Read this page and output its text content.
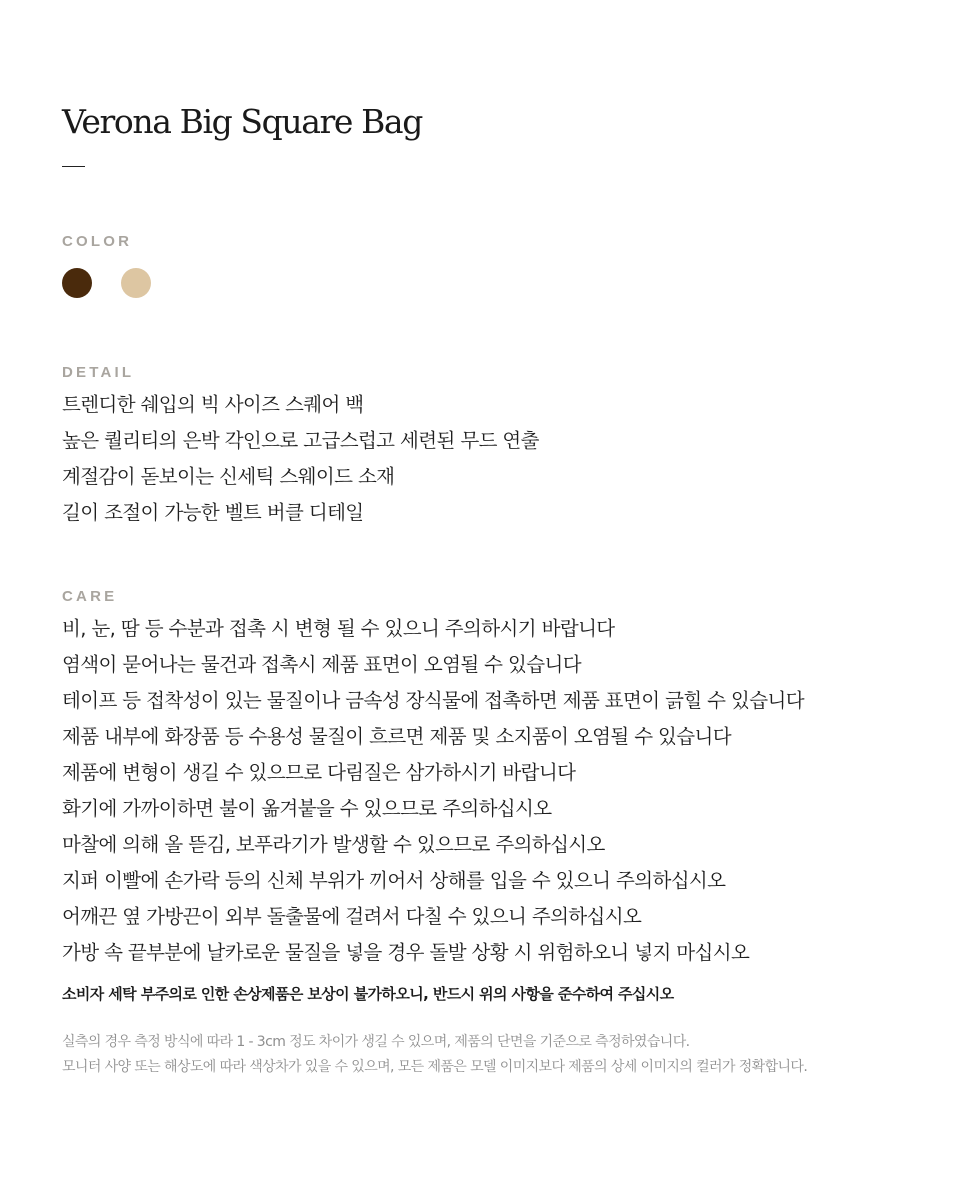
Verona Big Square Bag
COLOR
DETAIL
트렌디한 쉐입의 빅 사이즈 스퀘어 백
높은 퀄리티의 은박 각인으로 고급스럽고 세련된 무드 연출
계절감이 돋보이는 신세틱 스웨이드 소재
길이 조절이 가능한 벨트 버클 디테일
CARE
비, 눈, 땀 등 수분과 접촉 시 변형 될 수 있으니 주의하시기 바랍니다
염색이 묻어나는 물건과 접촉시 제품 표면이 오염될 수 있습니다
테이프 등 접착성이 있는 물질이나 금속성 장식물에 접촉하면 제품 표면이 긁힐 수 있습니다
제품 내부에 화장품 등 수용성 물질이 흐르면 제품 및 소지품이 오염될 수 있습니다
제품에 변형이 생길 수 있으므로 다림질은 삼가하시기 바랍니다
화기에 가까이하면 불이 옮겨붙을 수 있으므로 주의하십시오
마찰에 의해 올 뜯김, 보푸라기가 발생할 수 있으므로 주의하십시오
지퍼 이빨에 손가락 등의 신체 부위가 끼어서 상해를 입을 수 있으니 주의하십시오
어깨끈 옆 가방끈이 외부 돌출물에 걸려서 다칠 수 있으니 주의하십시오
가방 속 끝부분에 날카로운 물질을 넣을 경우 돌발 상황 시 위험하오니 넣지 마십시오

소비자 세탁 부주의로 인한 손상제품은 보상이 불가하오니, 반드시 위의 사항을 준수하여 주십시오

실측의 경우 측정 방식에 따라 1 - 3cm 정도 차이가 생길 수 있으며, 제품의 단면을 기준으로 측정하였습니다.
모니터 사양 또는 해상도에 따라 색상차가 있을 수 있으며, 모든 제품은 모델 이미지보다 제품의 상세 이미지의 컬러가 정확합니다.
